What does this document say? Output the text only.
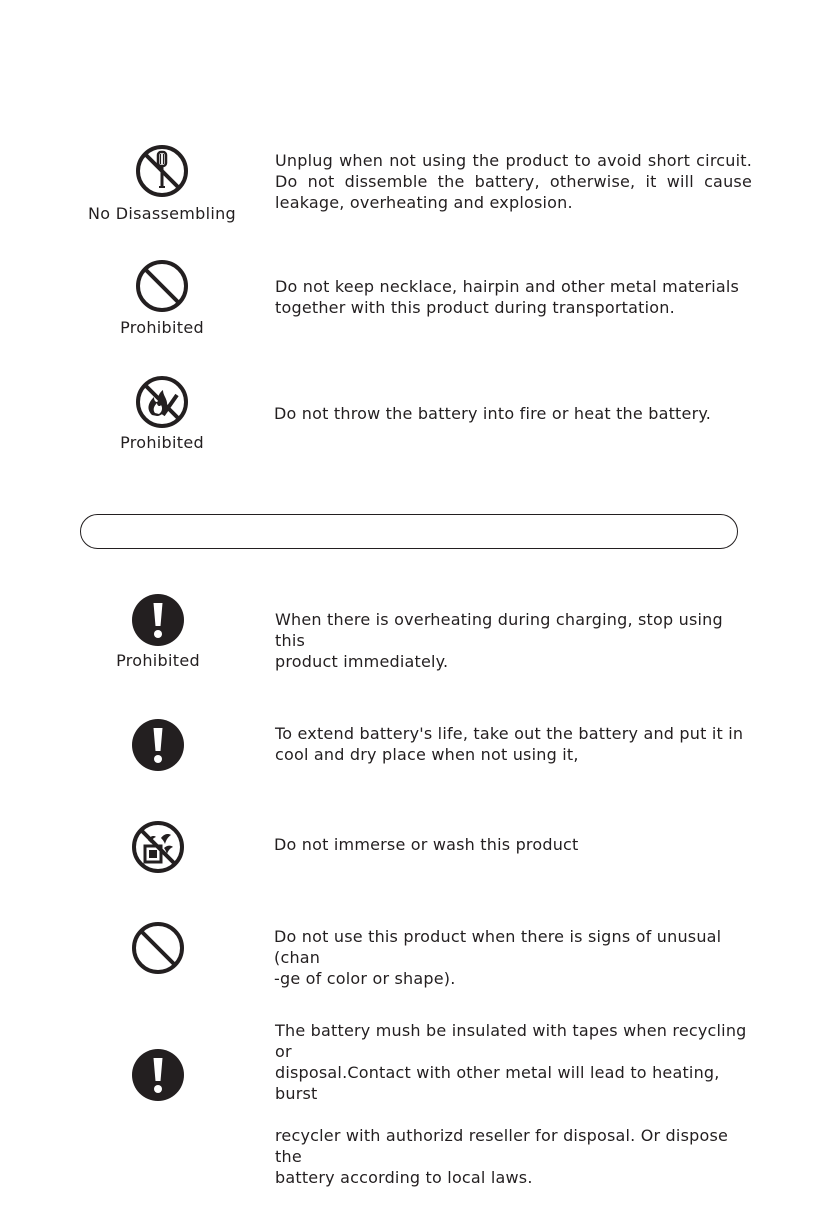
No Disassembling
Unplug when not using the product to avoid short circuit.
Do not dissemble the battery, otherwise, it will cause
leakage, overheating and explosion.
Prohibited
Do not keep necklace, hairpin and other metal materials
together with this product during transportation.
Prohibited
Do not throw the battery into fire or heat the battery.
Prohibited
When there is overheating during charging, stop using this
product immediately.
To extend battery's life, take out the battery and put it in
cool and dry place when not using it,
Do not immerse or wash this product
Do not use this product when there is signs of unusual (chan
-ge of color or shape).
The battery mush be insulated with tapes when recycling or
disposal.Contact with other metal will lead to heating, burst
recycler with authorizd reseller for disposal. Or dispose the
battery according to local laws.
